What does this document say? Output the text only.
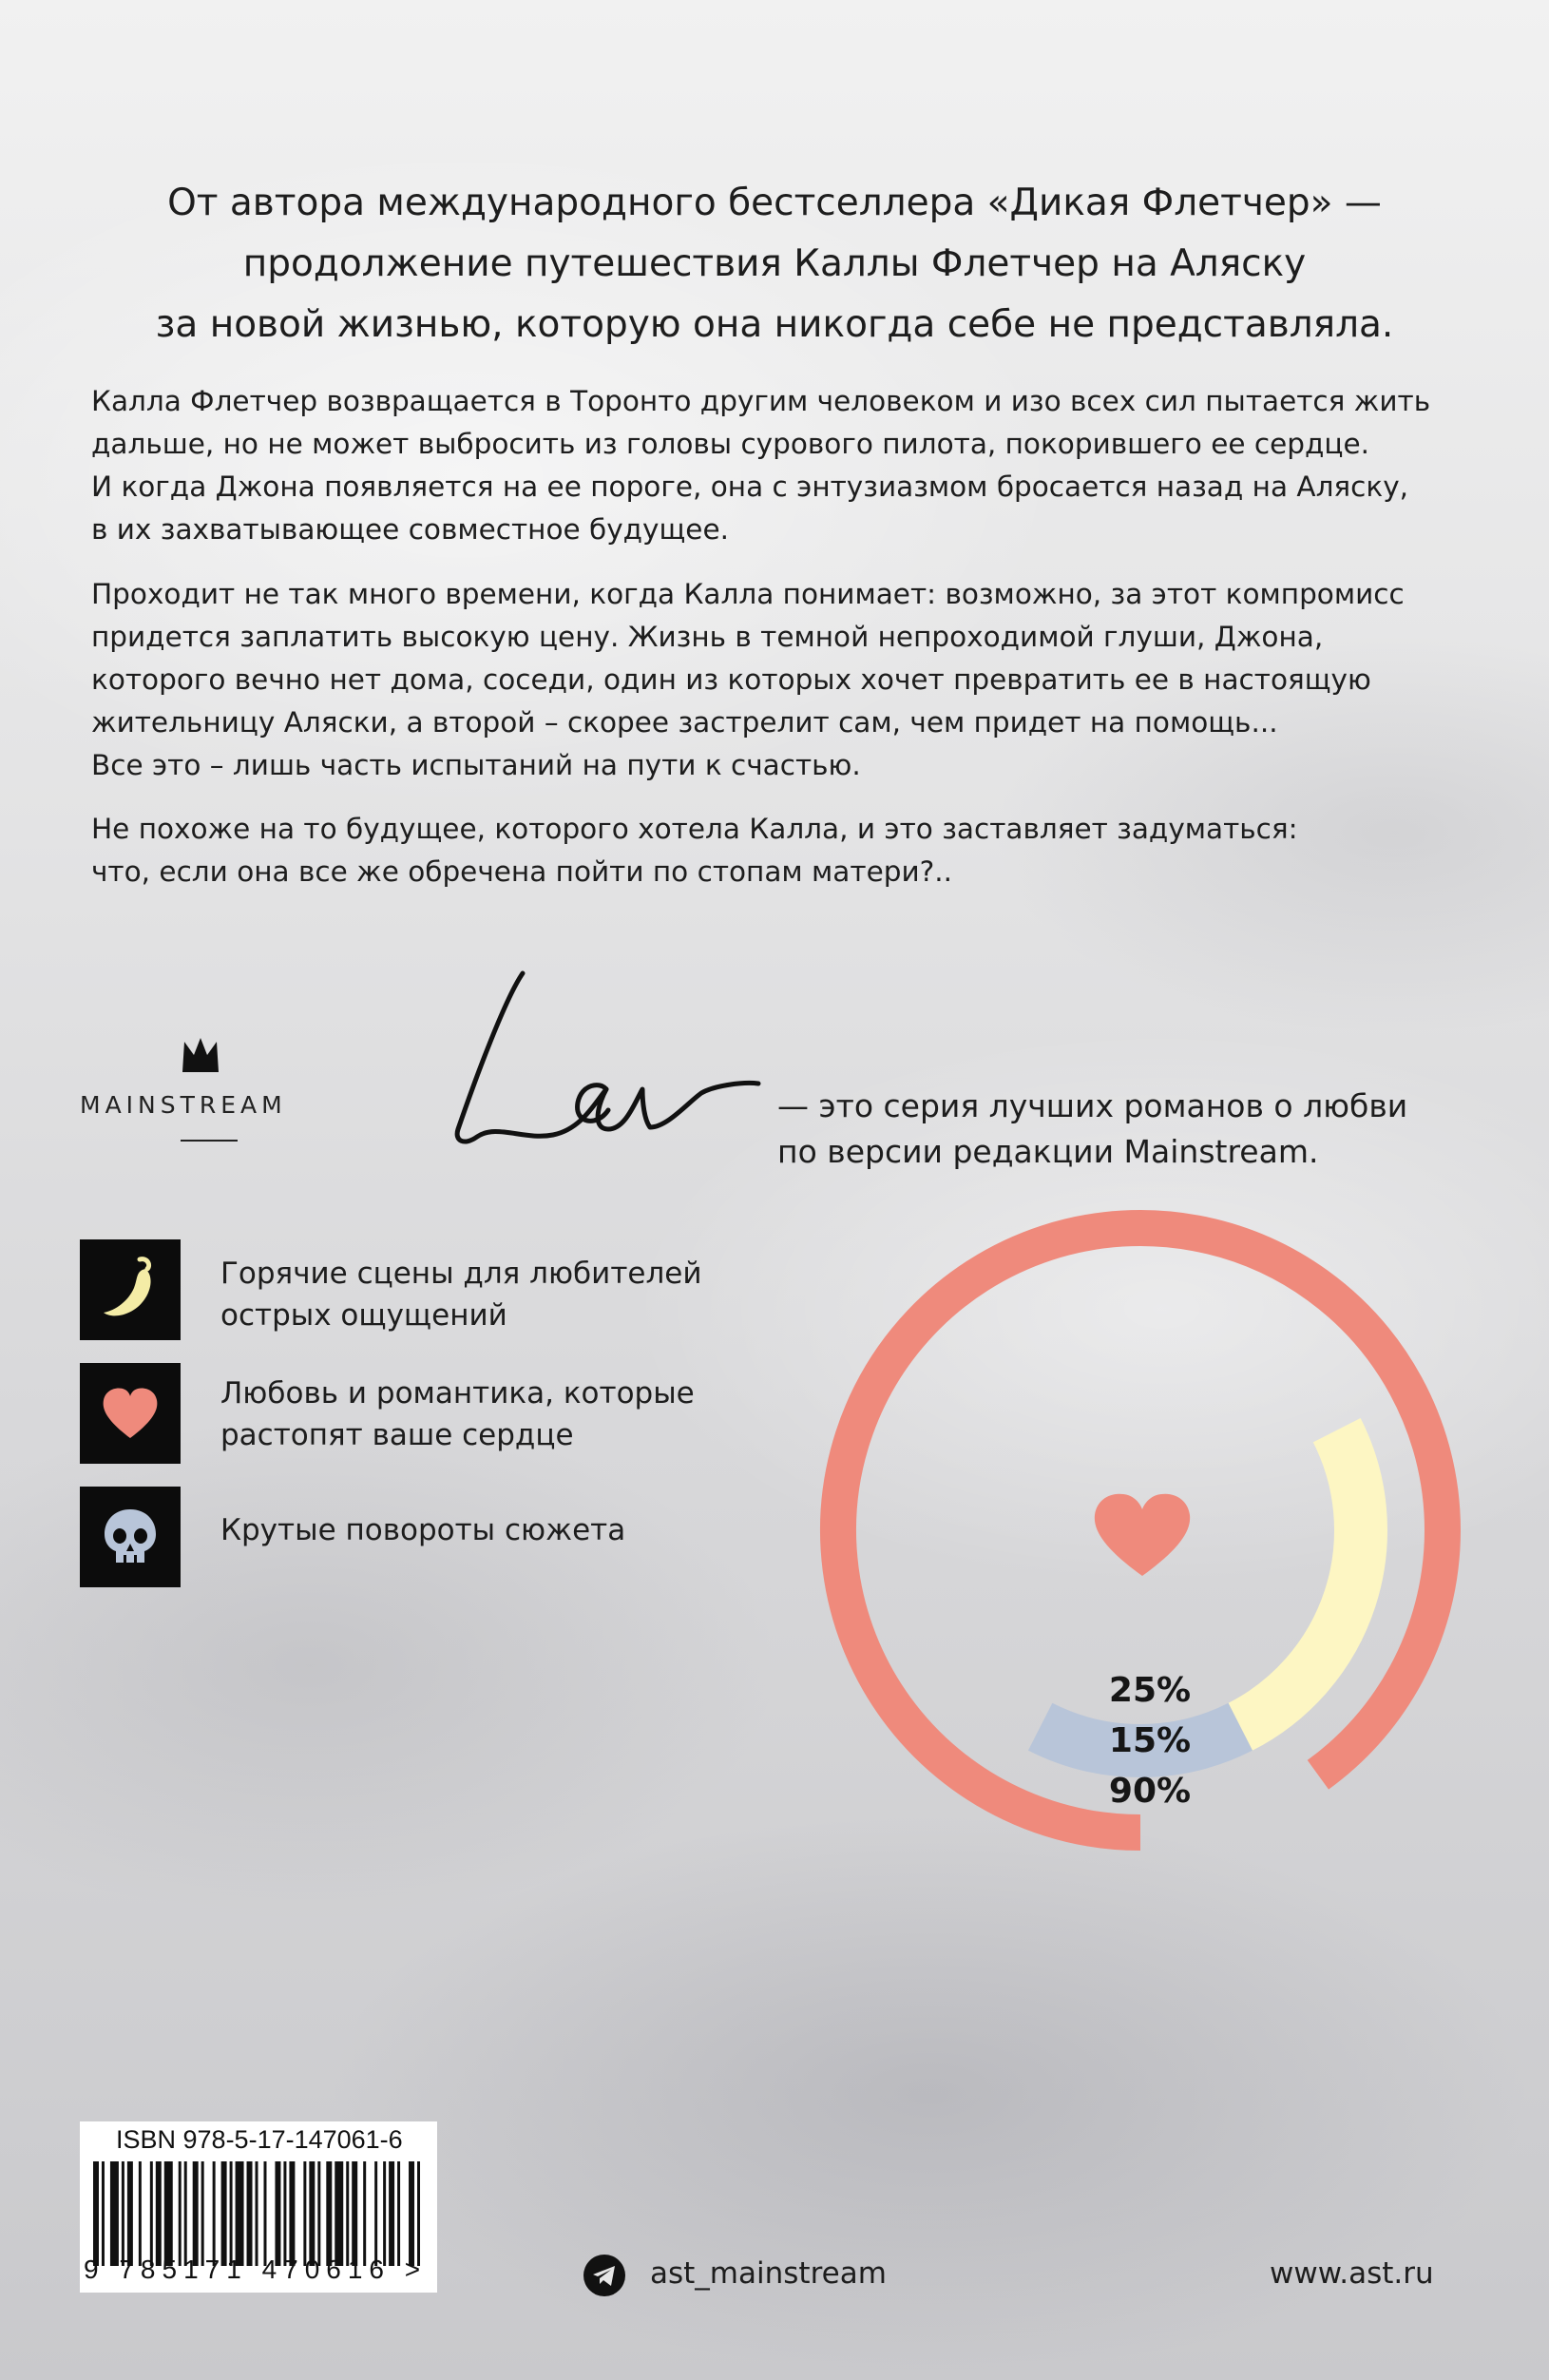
От автора международного бестселлера «Дикая Флетчер» —
продолжение путешествия Каллы Флетчер на Аляску
за новой жизнью, которую она никогда себе не представляла.
Калла Флетчер возвращается в Торонто другим человеком и изо всех сил пытается жить
дальше, но не может выбросить из головы сурового пилота, покорившего ее сердце.
И когда Джона появляется на ее пороге, она с энтузиазмом бросается назад на Аляску,
в их захватывающее совместное будущее.
Проходит не так много времени, когда Калла понимает: возможно, за этот компромисс
придется заплатить высокую цену. Жизнь в темной непроходимой глуши, Джона,
которого вечно нет дома, соседи, один из которых хочет превратить ее в настоящую
жительницу Аляски, а второй – скорее застрелит сам, чем придет на помощь...
Все это – лишь часть испытаний на пути к счастью.
Не похоже на то будущее, которого хотела Калла, и это заставляет задуматься:
что, если она все же обречена пойти по стопам матери?..
MAINSTREAM	— это серия лучших романов о любви
по версии редакции Mainstream.
Горячие сцены для любителей
острых ощущений
Любовь и романтика, которые
растопят ваше сердце
Крутые повороты сюжета
25%
15%
90%
ISBN 978-5-17-147061-6
9 785171 470616 >	ast_mainstream	www.ast.ru
